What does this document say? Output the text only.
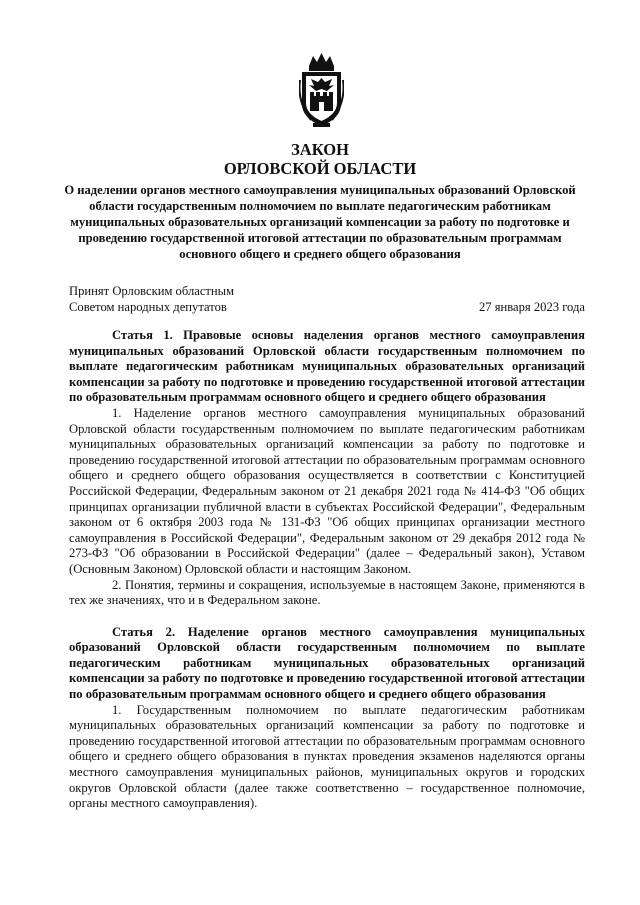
ЗАКОН
ОРЛОВСКОЙ ОБЛАСТИ
О наделении органов местного самоуправления муниципальных образований Орловской области государственным полномочием по выплате педагогическим работникам муниципальных образовательных организаций компенсации за работу по подготовке и проведению государственной итоговой аттестации по образовательным программам основного общего и среднего общего образования
Принят Орловским областным
Советом народных депутатов	27 января 2023 года

Статья 1. Правовые основы наделения органов местного самоуправления муниципальных образований Орловской области государственным полномочием по выплате педагогическим работникам муниципальных образовательных организаций компенсации за работу по подготовке и проведению государственной итоговой аттестации по образовательным программам основного общего и среднего общего образования

1. Наделение органов местного самоуправления муниципальных образований Орловской области государственным полномочием по выплате педагогическим работникам муниципальных образовательных организаций компенсации за работу по подготовке и проведению государственной итоговой аттестации по образовательным программам основного общего и среднего общего образования осуществляется в соответствии с Конституцией Российской Федерации, Федеральным законом от 21 декабря 2021 года № 414-ФЗ "Об общих принципах организации публичной власти в субъектах Российской Федерации", Федеральным законом от 6 октября 2003 года № 131-ФЗ "Об общих принципах организации местного самоуправления в Российской Федерации", Федеральным законом от 29 декабря 2012 года № 273-ФЗ "Об образовании в Российской Федерации" (далее – Федеральный закон), Уставом (Основным Законом) Орловской области и настоящим Законом.

2. Понятия, термины и сокращения, используемые в настоящем Законе, применяются в тех же значениях, что и в Федеральном законе.

Статья 2. Наделение органов местного самоуправления муниципальных образований Орловской области государственным полномочием по выплате педагогическим работникам муниципальных образовательных организаций компенсации за работу по подготовке и проведению государственной итоговой аттестации по образовательным программам основного общего и среднего общего образования

1. Государственным полномочием по выплате педагогическим работникам муниципальных образовательных организаций компенсации за работу по подготовке и проведению государственной итоговой аттестации по образовательным программам основного общего и среднего общего образования в пунктах проведения экзаменов наделяются органы местного самоуправления муниципальных районов, муниципальных округов и городских округов Орловской области (далее также соответственно – государственное полномочие, органы местного самоуправления).
